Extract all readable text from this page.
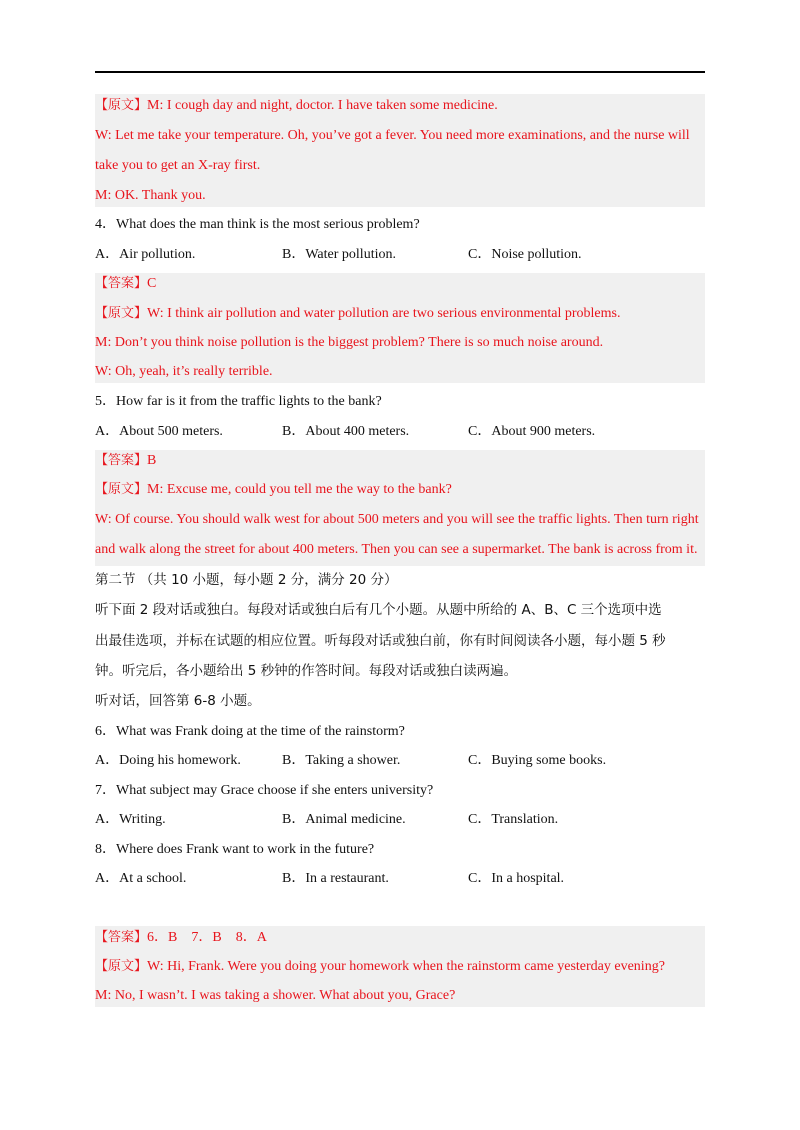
【原文】M: I cough day and night, doctor. I have taken some medicine.
W: Let me take your temperature. Oh, you’ve got a fever. You need more examinations, and the nurse will
take you to get an X-ray first.
M: OK. Thank you.
4．What does the man think is the most serious problem?
A．Air pollution.	B．Water pollution.	C．Noise pollution.
【答案】C
【原文】W: I think air pollution and water pollution are two serious environmental problems.
M: Don’t you think noise pollution is the biggest problem? There is so much noise around.
W: Oh, yeah, it’s really terrible.
5．How far is it from the traffic lights to the bank?
A．About 500 meters.	B．About 400 meters.	C．About 900 meters.
【答案】B
【原文】M: Excuse me, could you tell me the way to the bank?
W: Of course. You should walk west for about 500 meters and you will see the traffic lights. Then turn right
and walk along the street for about 400 meters. Then you can see a supermarket. The bank is across from it.
第二节 （共 10 小题，每小题 2 分，满分 20 分）
听下面 2 段对话或独白。每段对话或独白后有几个小题。从题中所给的 A、B、C 三个选项中选
出最佳选项，并标在试题的相应位置。听每段对话或独白前，你有时间阅读各小题，每小题 5 秒
钟。听完后，各小题给出 5 秒钟的作答时间。每段对话或独白读两遍。
听对话，回答第 6-8 小题。
6．What was Frank doing at the time of the rainstorm?
A．Doing his homework.	B．Taking a shower.	C．Buying some books.
7．What subject may Grace choose if she enters university?
A．Writing.	B．Animal medicine.	C．Translation.
8．Where does Frank want to work in the future?
A．At a school.	B．In a restaurant.	C．In a hospital.
【答案】6．B　7．B　8．A
【原文】W: Hi, Frank. Were you doing your homework when the rainstorm came yesterday evening?
M: No, I wasn’t. I was taking a shower. What about you, Grace?
